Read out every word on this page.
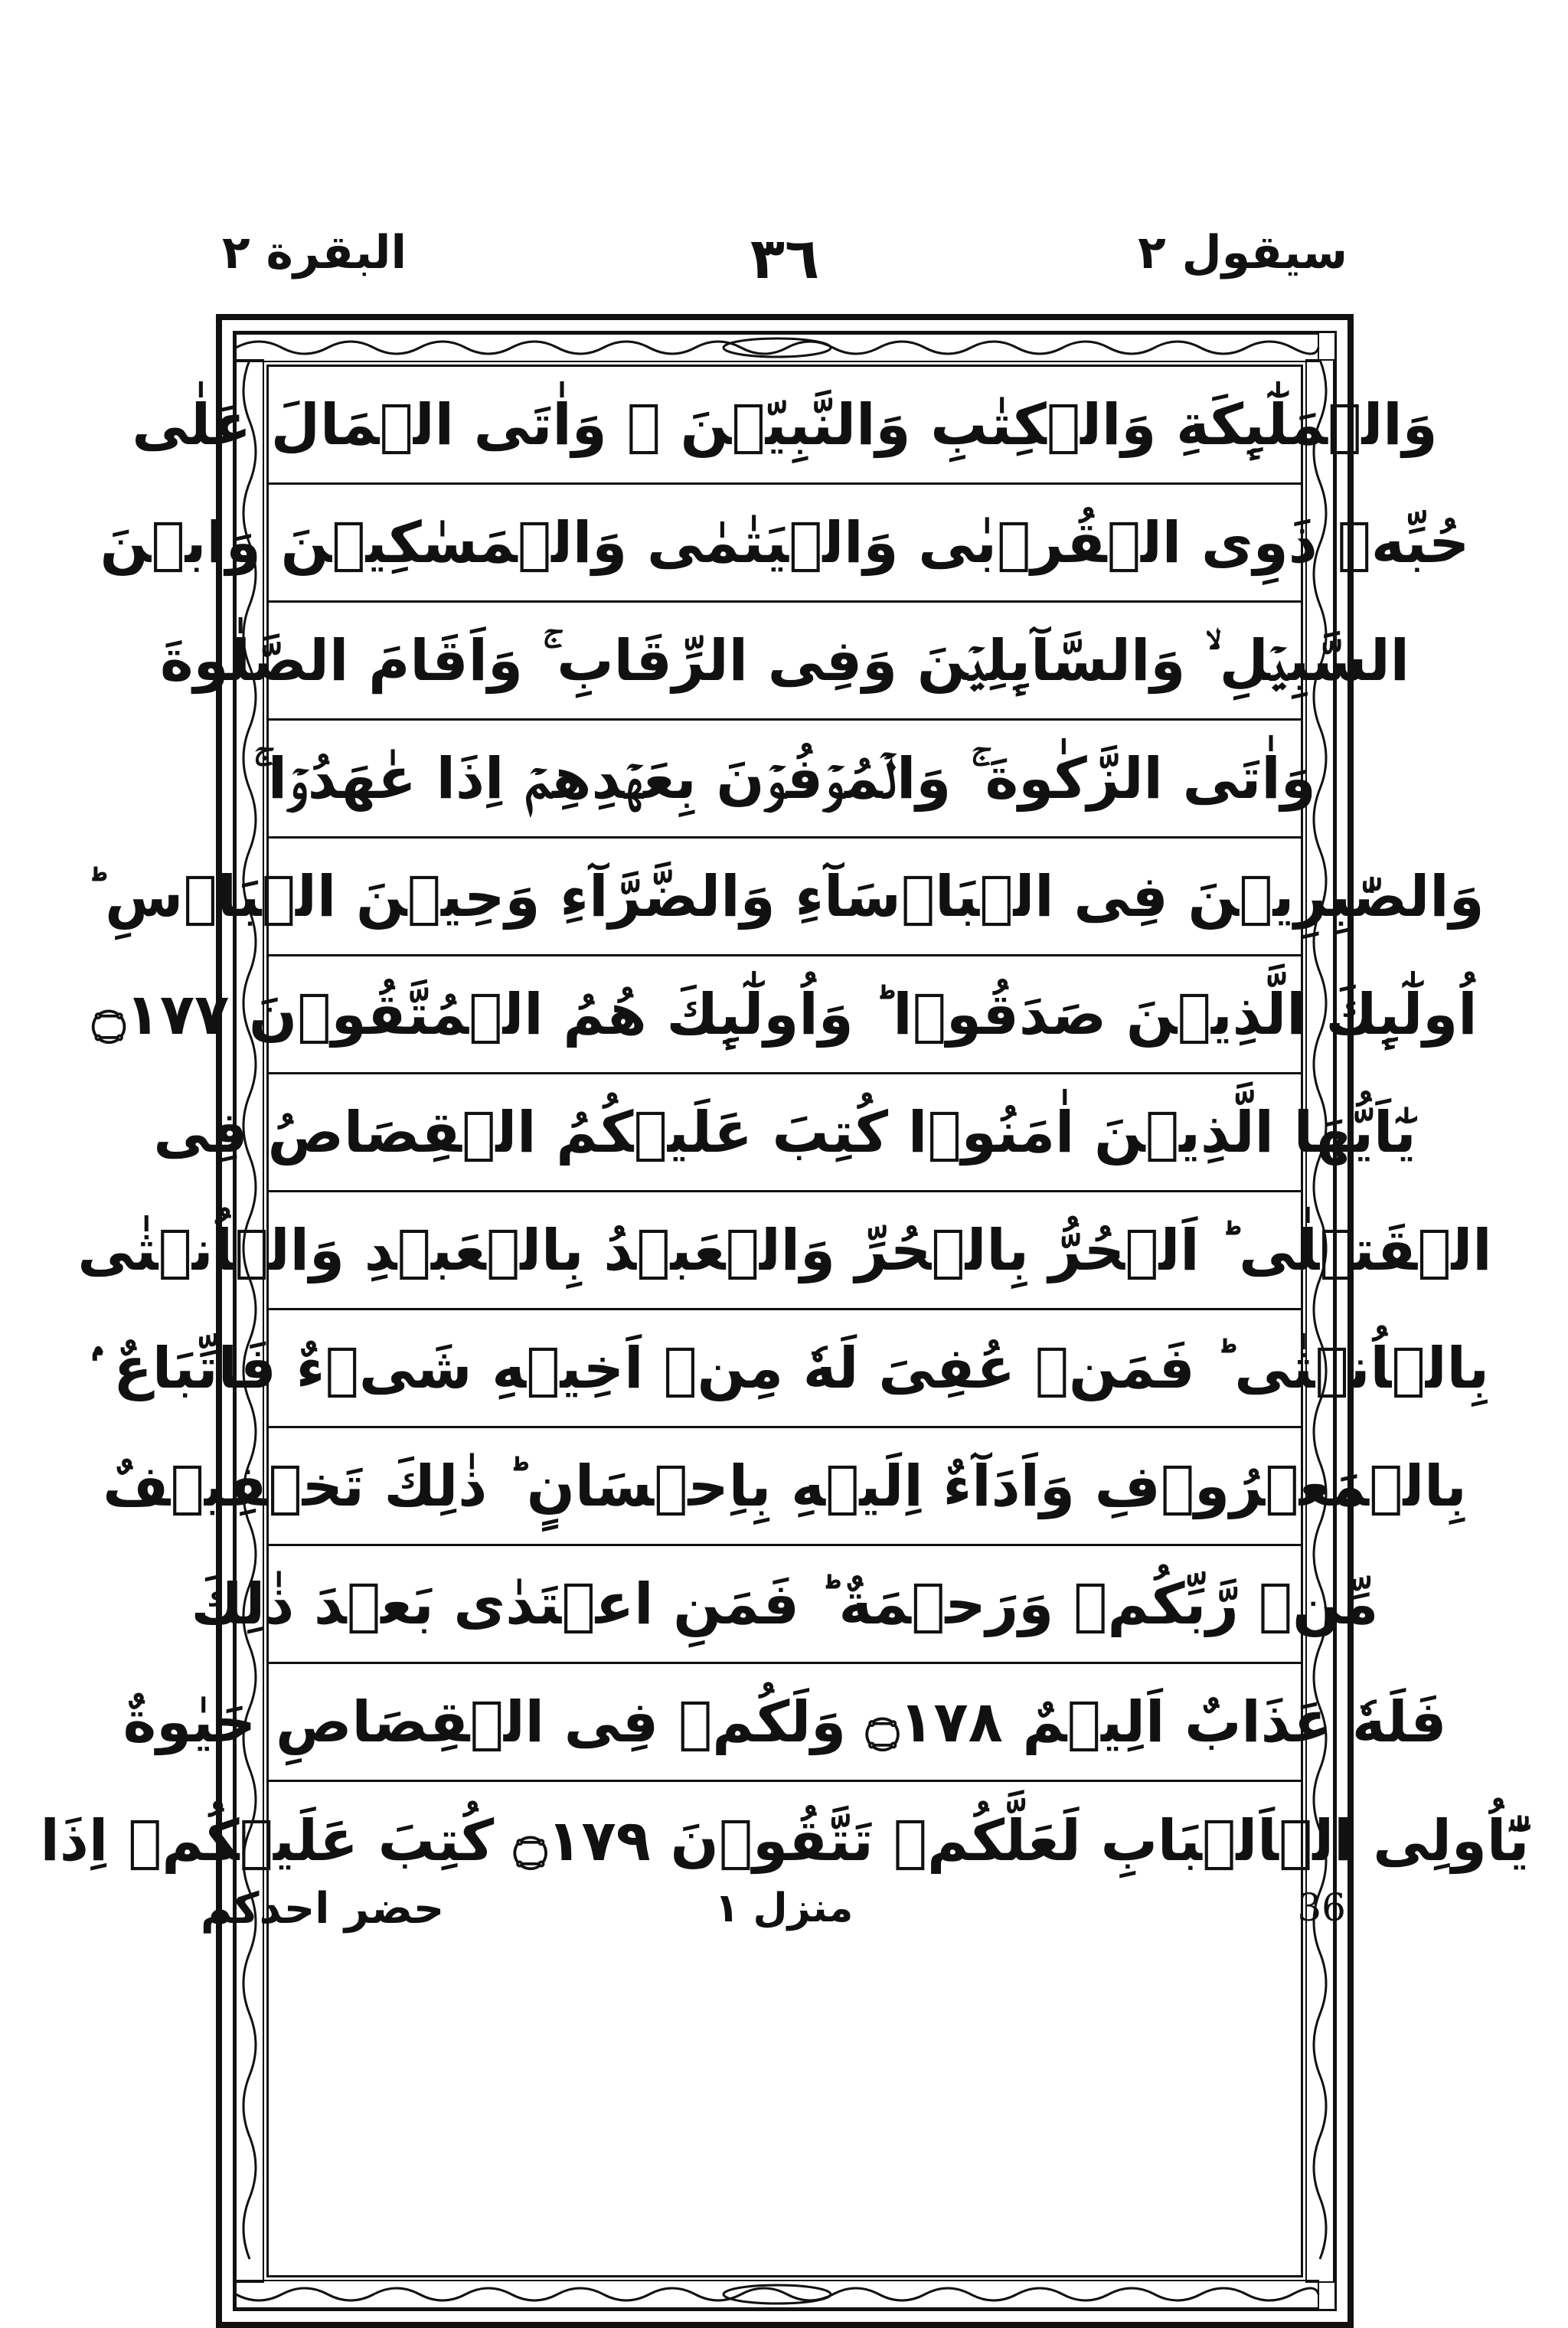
البقرة ٢	٣٦	سيقول ٢
وَالۡمَلٰٓٮِٕكَةِ وَالۡكِتٰبِ وَالنَّبِيّٖنَ ۚ وَاٰتَى الۡمَالَ عَلٰى
حُبِّهٖ ذَوِى الۡقُرۡبٰى وَالۡيَتٰمٰى وَالۡمَسٰكِيۡنَ وَابۡنَ
السَّبِيۡلِ ۙ وَالسَّآٮِٕلِيۡنَ وَفِى الرِّقَابِ ۚ وَاَقَامَ الصَّلٰوةَ
وَاٰتَى الزَّكٰوةَ ۚ وَالۡمُوۡفُوۡنَ بِعَهۡدِهِمۡ اِذَا عٰهَدُوۡا ۚ
وَالصّٰبِرِيۡنَ فِى الۡبَاۡسَآءِ وَالضَّرَّآءِ وَحِيۡنَ الۡبَاۡسِ ؕ
اُولٰٓٮِٕكَ الَّذِيۡنَ صَدَقُوۡا ؕ وَاُولٰٓٮِٕكَ هُمُ الۡمُتَّقُوۡنَ ۝١٧٧
يٰٓاَيُّهَا الَّذِيۡنَ اٰمَنُوۡا كُتِبَ عَلَيۡكُمُ الۡقِصَاصُ فِى
الۡقَتۡلٰى ؕ اَلۡحُرُّ بِالۡحُرِّ وَالۡعَبۡدُ بِالۡعَبۡدِ وَالۡاُنۡثٰى
بِالۡاُنۡثٰى ؕ فَمَنۡ عُفِىَ لَهٗ مِنۡ اَخِيۡهِ شَىۡءٌ فَاتِّبَاعٌ ۢ
بِالۡمَعۡرُوۡفِ وَاَدَآءٌ اِلَيۡهِ بِاِحۡسَانٍ ؕ ذٰلِكَ تَخۡفِيۡفٌ
مِّنۡ رَّبِّكُمۡ وَرَحۡمَةٌ ؕ فَمَنِ اعۡتَدٰى بَعۡدَ ذٰلِكَ
فَلَهٗ عَذَابٌ اَلِيۡمٌ ۝١٧٨ وَلَكُمۡ فِى الۡقِصَاصِ حَيٰوةٌ
يّٰٓاُولِى الۡاَلۡبَابِ لَعَلَّكُمۡ تَتَّقُوۡنَ ۝١٧٩ كُتِبَ عَلَيۡكُمۡ اِذَا
حضر احدكم	منزل ١	36
